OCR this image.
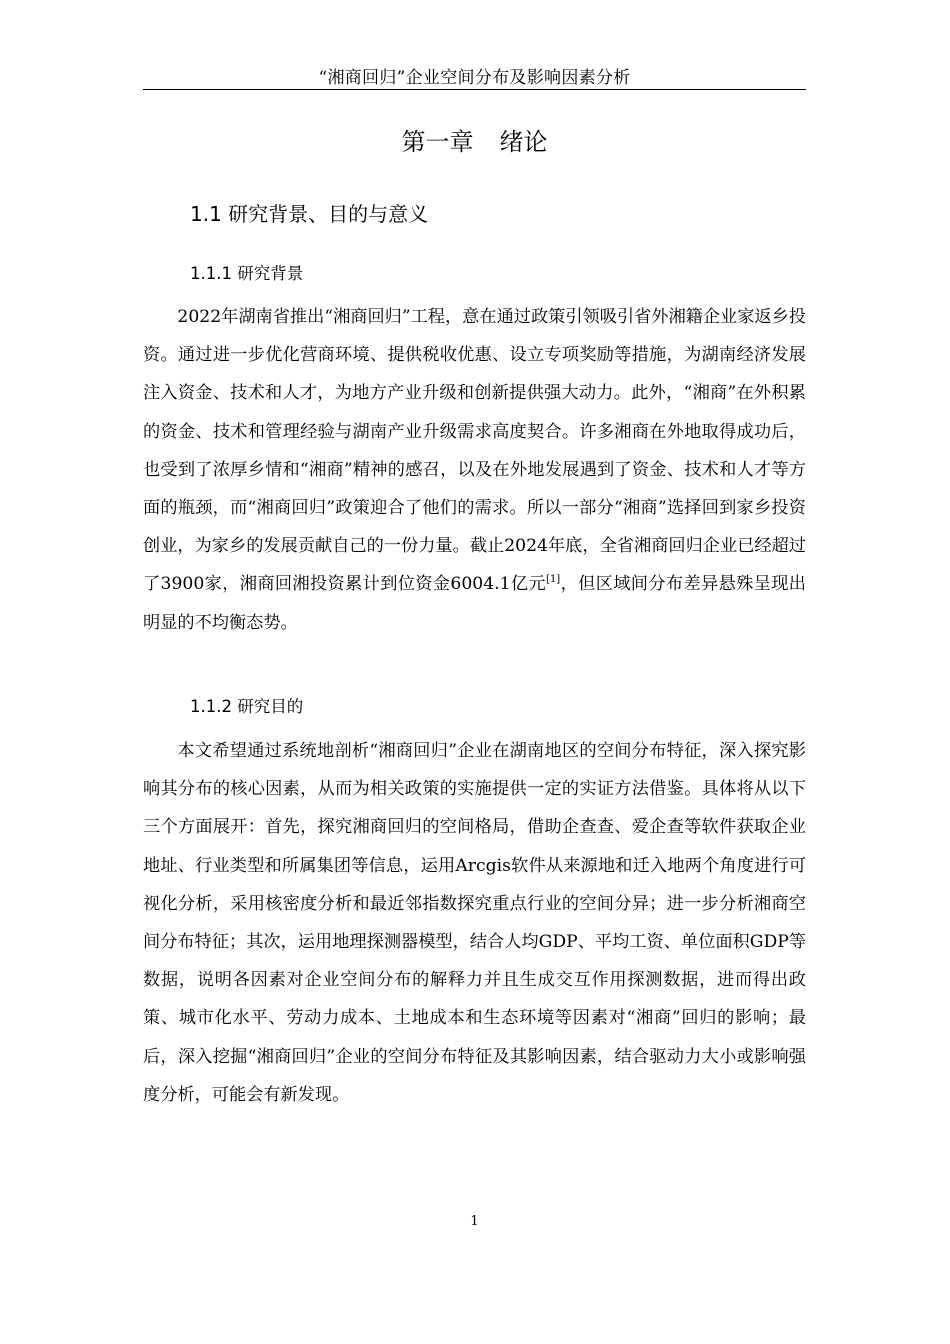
“湘商回归”企业空间分布及影响因素分析
第一章 绪论
1.1 研究背景、目的与意义
1.1.1 研究背景

2022年湖南省推出“湘商回归”工程，意在通过政策引领吸引省外湘籍企业家返乡投资。通过进一步优化营商环境、提供税收优惠、设立专项奖励等措施，为湖南经济发展注入资金、技术和人才，为地方产业升级和创新提供强大动力。此外，“湘商”在外积累的资金、技术和管理经验与湖南产业升级需求高度契合。许多湘商在外地取得成功后，也受到了浓厚乡情和“湘商”精神的感召，以及在外地发展遇到了资金、技术和人才等方面的瓶颈，而“湘商回归”政策迎合了他们的需求。所以一部分“湘商”选择回到家乡投资创业，为家乡的发展贡献自己的一份力量。截止2024年底，全省湘商回归企业已经超过了3900家，湘商回湘投资累计到位资金6004.1亿元[1]，但区域间分布差异悬殊呈现出明显的不均衡态势。

1.1.2 研究目的

本文希望通过系统地剖析“湘商回归”企业在湖南地区的空间分布特征，深入探究影响其分布的核心因素，从而为相关政策的实施提供一定的实证方法借鉴。具体将从以下三个方面展开：首先，探究湘商回归的空间格局，借助企查查、爱企查等软件获取企业地址、行业类型和所属集团等信息，运用Arcgis软件从来源地和迁入地两个角度进行可视化分析，采用核密度分析和最近邻指数探究重点行业的空间分异；进一步分析湘商空间分布特征；其次，运用地理探测器模型，结合人均GDP、平均工资、单位面积GDP等数据，说明各因素对企业空间分布的解释力并且生成交互作用探测数据，进而得出政策、城市化水平、劳动力成本、土地成本和生态环境等因素对“湘商”回归的影响；最后，深入挖掘“湘商回归”企业的空间分布特征及其影响因素，结合驱动力大小或影响强度分析，可能会有新发现。

1
